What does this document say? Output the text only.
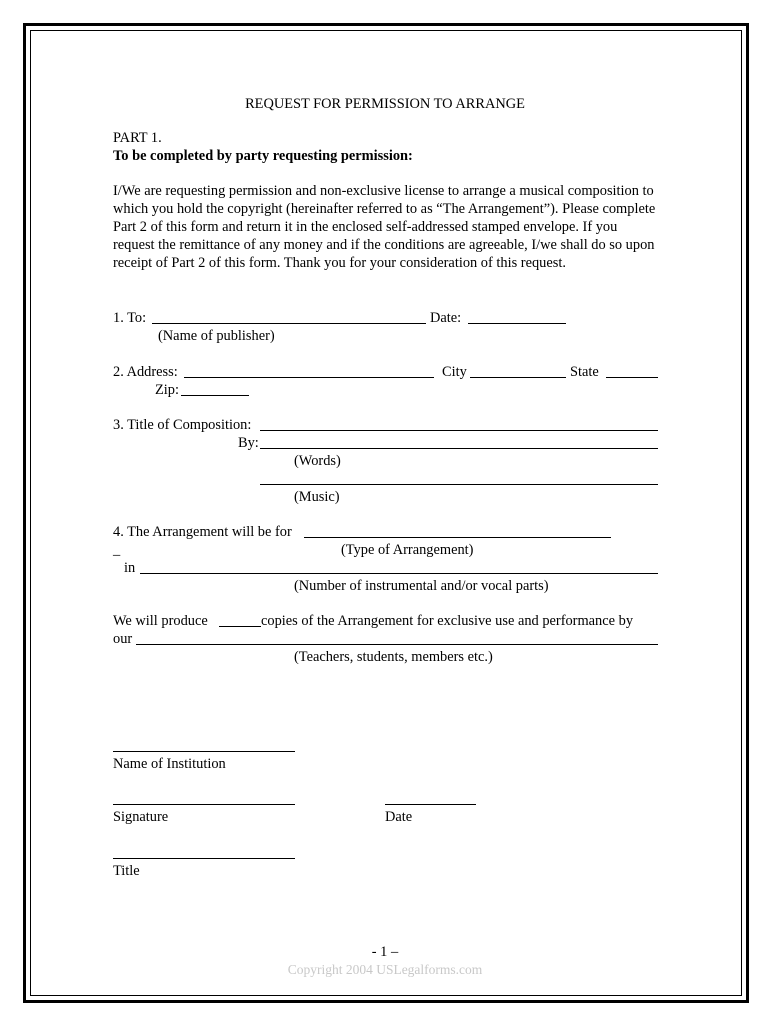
REQUEST FOR PERMISSION TO ARRANGE
PART 1.
To be completed by party requesting permission:
I/We are requesting permission and non-exclusive license to arrange a musical composition to which you hold the copyright (hereinafter referred to as “The Arrangement”). Please complete Part 2 of this form and return it in the enclosed self-addressed stamped envelope. If you request the remittance of any money and if the conditions are agreeable, I/we shall do so upon receipt of Part 2 of this form. Thank you for your consideration of this request.
1. To:	Date:
(Name of publisher)
2. Address:	City	State
Zip:
3. Title of Composition:
By:
(Words)
(Music)
4. The Arrangement will be for
_	(Type of Arrangement)
in
(Number of instrumental and/or vocal parts)
We will produce	copies of the Arrangement for exclusive use and performance by
our
(Teachers, students, members etc.)
Name of Institution
Signature	Date
Title
- 1 –
Copyright 2004 USLegalforms.com
